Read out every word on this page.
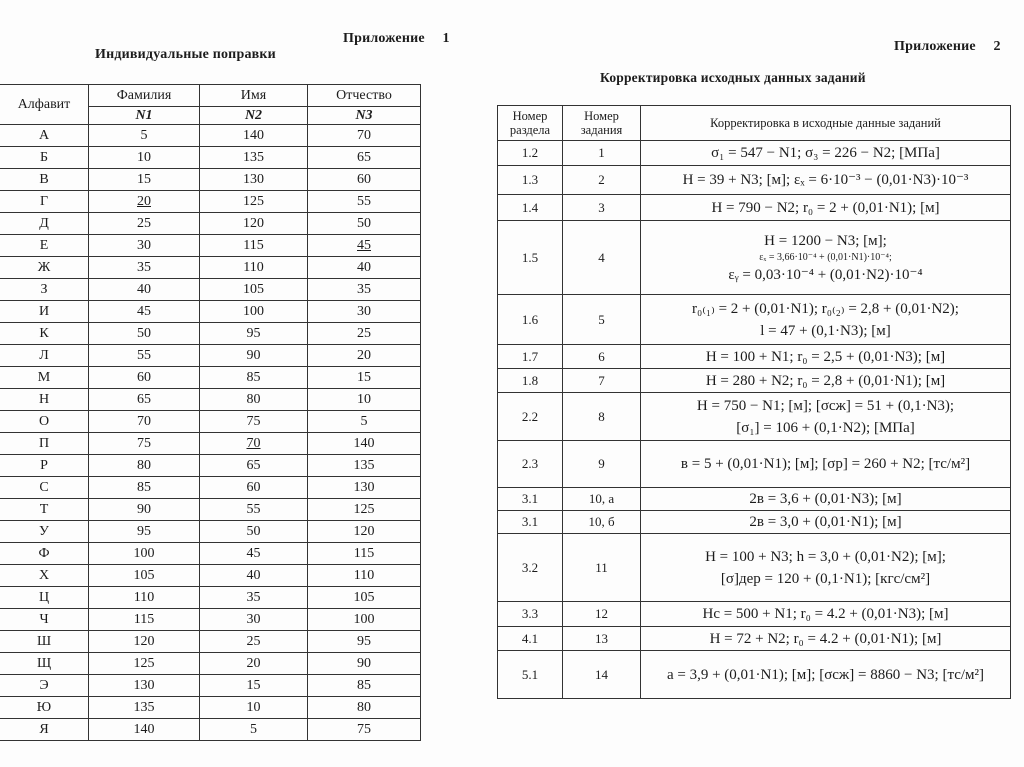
Приложение 1
Индивидуальные поправки
Алфавит	Фамилия	Имя	Отчество
	N1	N2	N3
А	5	140	70
Б	10	135	65
В	15	130	60
Г	20	125	55
Д	25	120	50
Е	30	115	45
Ж	35	110	40
З	40	105	35
И	45	100	30
К	50	95	25
Л	55	90	20
М	60	85	15
Н	65	80	10
О	70	75	5
П	75	70	140
Р	80	65	135
С	85	60	130
Т	90	55	125
У	95	50	120
Ф	100	45	115
Х	105	40	110
Ц	110	35	105
Ч	115	30	100
Ш	120	25	95
Щ	125	20	90
Э	130	15	85
Ю	135	10	80
Я	140	5	75
Приложение 2
Корректировка исходных данных заданий
Номер раздела	Номер задания	Корректировка в исходные данные заданий
1.2	1	σ₁ = 547 − N1; σ₃ = 226 − N2; [МПа]

1.3	2	H = 39 + N3; [м]; εₓ = 6·10⁻³ − (0,01·N3)·10⁻³

1.4	3	H = 790 − N2; r₀ = 2 + (0,01·N1); [м]

1.5	4	H = 1200 − N3; [м];
εₓ = 3,66·10⁻⁴ + (0,01·N1)·10⁻⁴;
εᵧ = 0,03·10⁻⁴ + (0,01·N2)·10⁻⁴

1.6	5	r₀₍₁₎ = 2 + (0,01·N1); r₀₍₂₎ = 2,8 + (0,01·N2);
l = 47 + (0,1·N3); [м]

1.7	6	H = 100 + N1; r₀ = 2,5 + (0,01·N3); [м]

1.8	7	H = 280 + N2; r₀ = 2,8 + (0,01·N1); [м]

2.2	8	H = 750 − N1; [м]; [σсж] = 51 + (0,1·N3);
[σ₁] = 106 + (0,1·N2); [МПа]

2.3	9	в = 5 + (0,01·N1); [м]; [σp] = 260 + N2; [тс/м²]

3.1	10, а	2в = 3,6 + (0,01·N3); [м]

3.1	10, б	2в = 3,0 + (0,01·N1); [м]

3.2	11	H = 100 + N3; h = 3,0 + (0,01·N2); [м];
[σ]дер = 120 + (0,1·N1); [кгс/см²]

3.3	12	Hс = 500 + N1; r₀ = 4.2 + (0,01·N3); [м]

4.1	13	H = 72 + N2; r₀ = 4.2 + (0,01·N1); [м]

5.1	14	a = 3,9 + (0,01·N1); [м]; [σсж] = 8860 − N3; [тс/м²]
